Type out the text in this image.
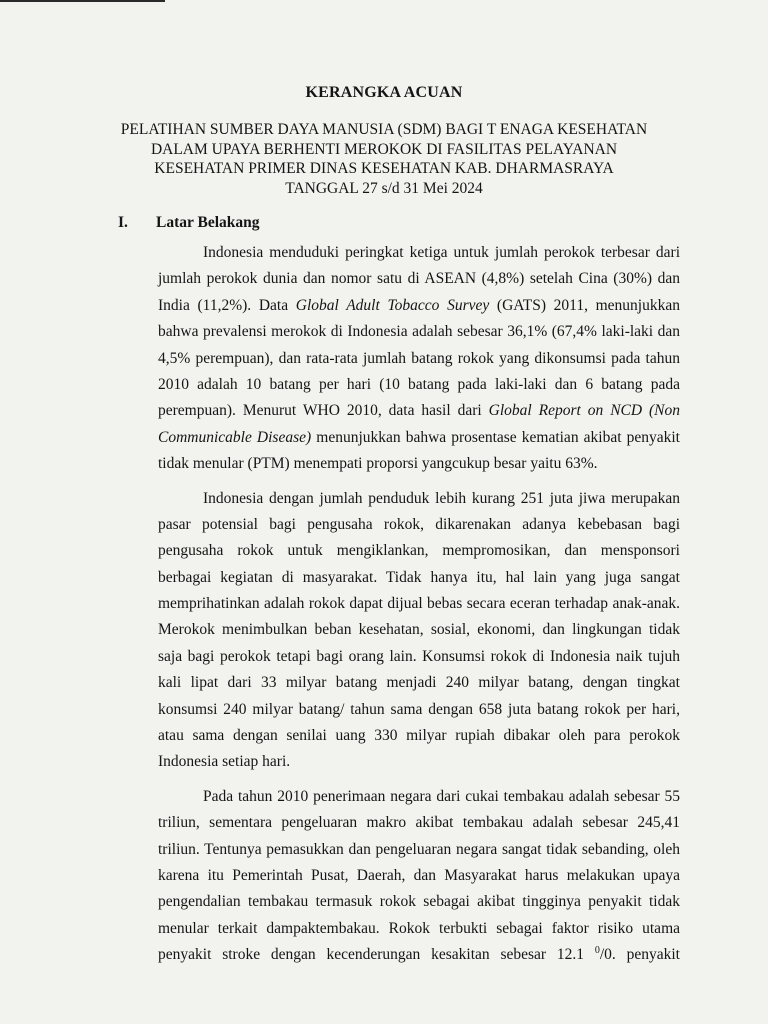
KERANGKA ACUAN
PELATIHAN SUMBER DAYA MANUSIA (SDM) BAGI T ENAGA KESEHATAN
DALAM UPAYA BERHENTI MEROKOK DI FASILITAS PELAYANAN
KESEHATAN PRIMER DINAS KESEHATAN KAB. DHARMASRAYA
TANGGAL 27 s/d 31 Mei 2024
I. Latar Belakang
Indonesia menduduki peringkat ketiga untuk jumlah perokok terbesar dari
jumlah perokok dunia dan nomor satu di ASEAN (4,8%) setelah Cina (30%) dan
India (11,2%). Data Global Adult Tobacco Survey (GATS) 2011, menunjukkan
bahwa prevalensi merokok di Indonesia adalah sebesar 36,1% (67,4% laki-laki dan
4,5% perempuan), dan rata-rata jumlah batang rokok yang dikonsumsi pada tahun
2010 adalah 10 batang per hari (10 batang pada laki-laki dan 6 batang pada
perempuan). Menurut WHO 2010, data hasil dari Global Report on NCD (Non
Communicable Disease) menunjukkan bahwa prosentase kematian akibat penyakit
tidak menular (PTM) menempati proporsi yangcukup besar yaitu 63%.
Indonesia dengan jumlah penduduk lebih kurang 251 juta jiwa merupakan
pasar potensial bagi pengusaha rokok, dikarenakan adanya kebebasan bagi
pengusaha rokok untuk mengiklankan, mempromosikan, dan mensponsori
berbagai kegiatan di masyarakat. Tidak hanya itu, hal lain yang juga sangat
memprihatinkan adalah rokok dapat dijual bebas secara eceran terhadap anak-anak.
Merokok menimbulkan beban kesehatan, sosial, ekonomi, dan lingkungan tidak
saja bagi perokok tetapi bagi orang lain. Konsumsi rokok di Indonesia naik tujuh
kali lipat dari 33 milyar batang menjadi 240 milyar batang, dengan tingkat
konsumsi 240 milyar batang/ tahun sama dengan 658 juta batang rokok per hari,
atau sama dengan senilai uang 330 milyar rupiah dibakar oleh para perokok
Indonesia setiap hari.
Pada tahun 2010 penerimaan negara dari cukai tembakau adalah sebesar 55
triliun, sementara pengeluaran makro akibat tembakau adalah sebesar 245,41
triliun. Tentunya pemasukkan dan pengeluaran negara sangat tidak sebanding, oleh
karena itu Pemerintah Pusat, Daerah, dan Masyarakat harus melakukan upaya
pengendalian tembakau termasuk rokok sebagai akibat tingginya penyakit tidak
menular terkait dampaktembakau. Rokok terbukti sebagai faktor risiko utama
penyakit stroke dengan kecenderungan kesakitan sebesar 12.1 $^0$/0. penyakit
